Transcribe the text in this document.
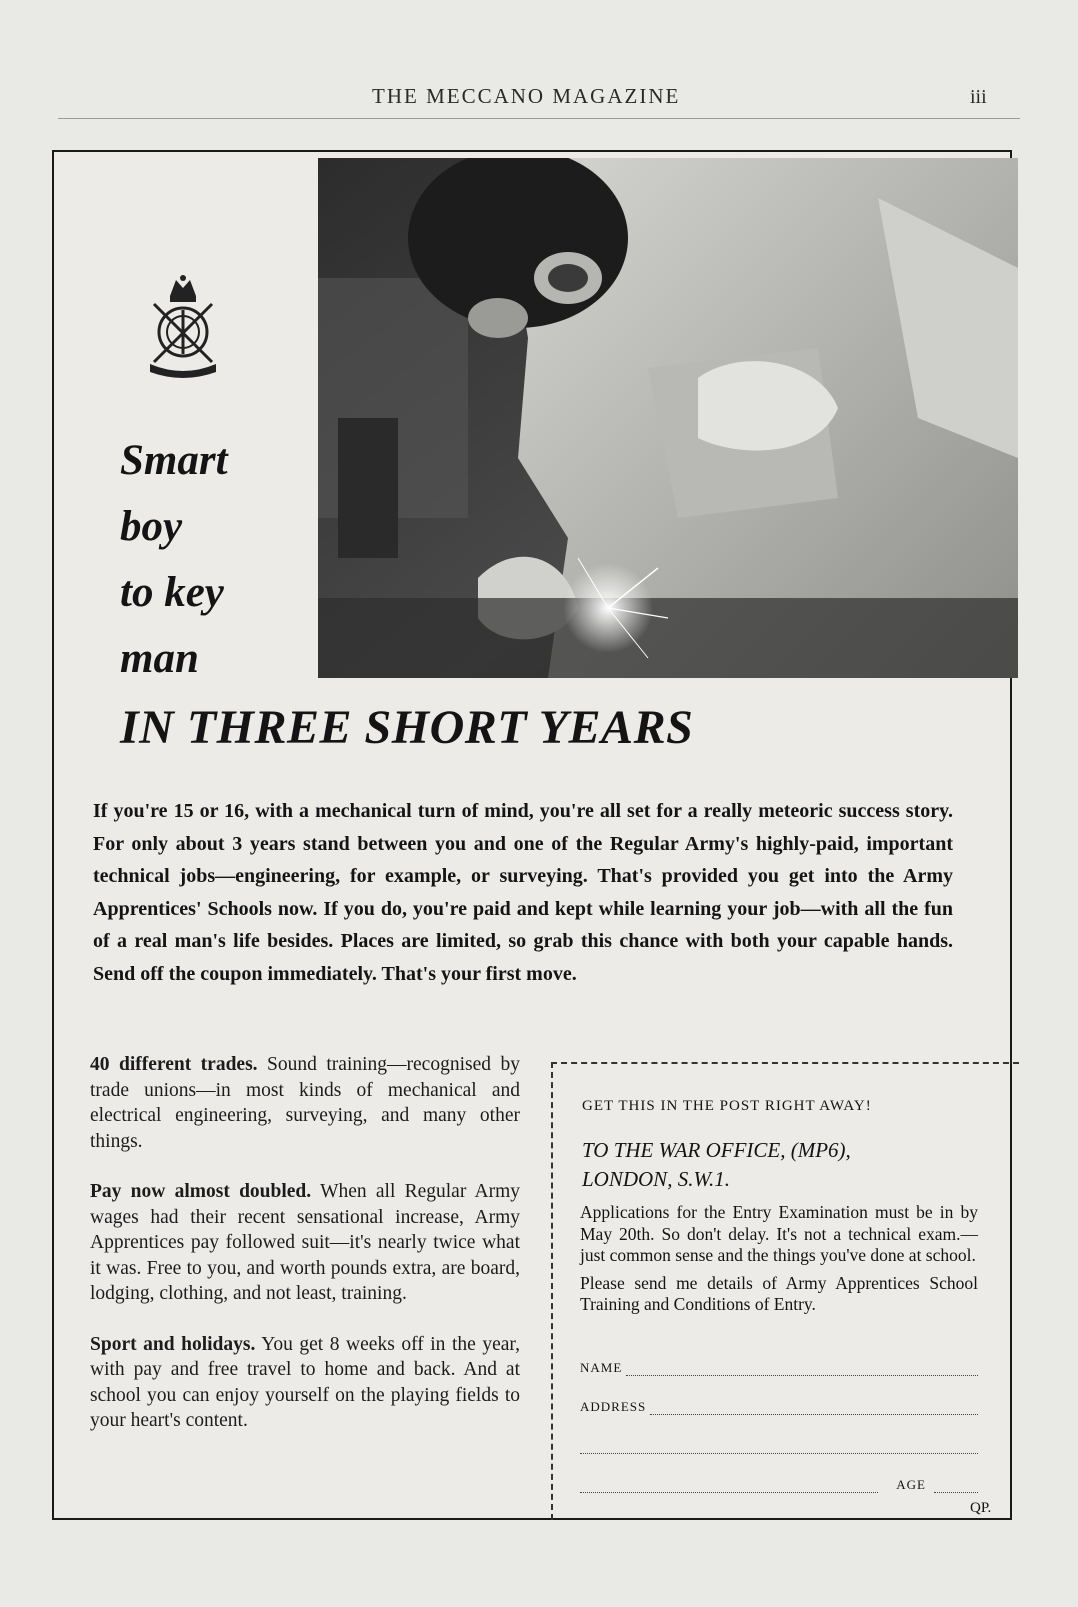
THE MECCANO MAGAZINE	iii
Smart
boy
to key
man
IN THREE SHORT YEARS
If you're 15 or 16, with a mechanical turn of mind, you're all set for a really meteoric success story. For only about 3 years stand between you and one of the Regular Army's highly-paid, important technical jobs—engineering, for example, or surveying. That's provided you get into the Army Apprentices' Schools now. If you do, you're paid and kept while learning your job—with all the fun of a real man's life besides. Places are limited, so grab this chance with both your capable hands. Send off the coupon immediately. That's your first move.

40 different trades. Sound training—recognised by trade unions—in most kinds of mechanical and electrical engineering, surveying, and many other things.

Pay now almost doubled. When all Regular Army wages had their recent sensational increase, Army Apprentices pay followed suit—it's nearly twice what it was. Free to you, and worth pounds extra, are board, lodging, clothing, and not least, training.

Sport and holidays. You get 8 weeks off in the year, with pay and free travel to home and back. And at school you can enjoy yourself on the playing fields to your heart's content.

GET THIS IN THE POST RIGHT AWAY!
TO THE WAR OFFICE, (MP6),
LONDON, S.W.1.

Applications for the Entry Examination must be in by May 20th. So don't delay. It's not a technical exam.—just common sense and the things you've done at school.

Please send me details of Army Apprentices School Training and Conditions of Entry.

NAME
ADDRESS
AGE
QP.
